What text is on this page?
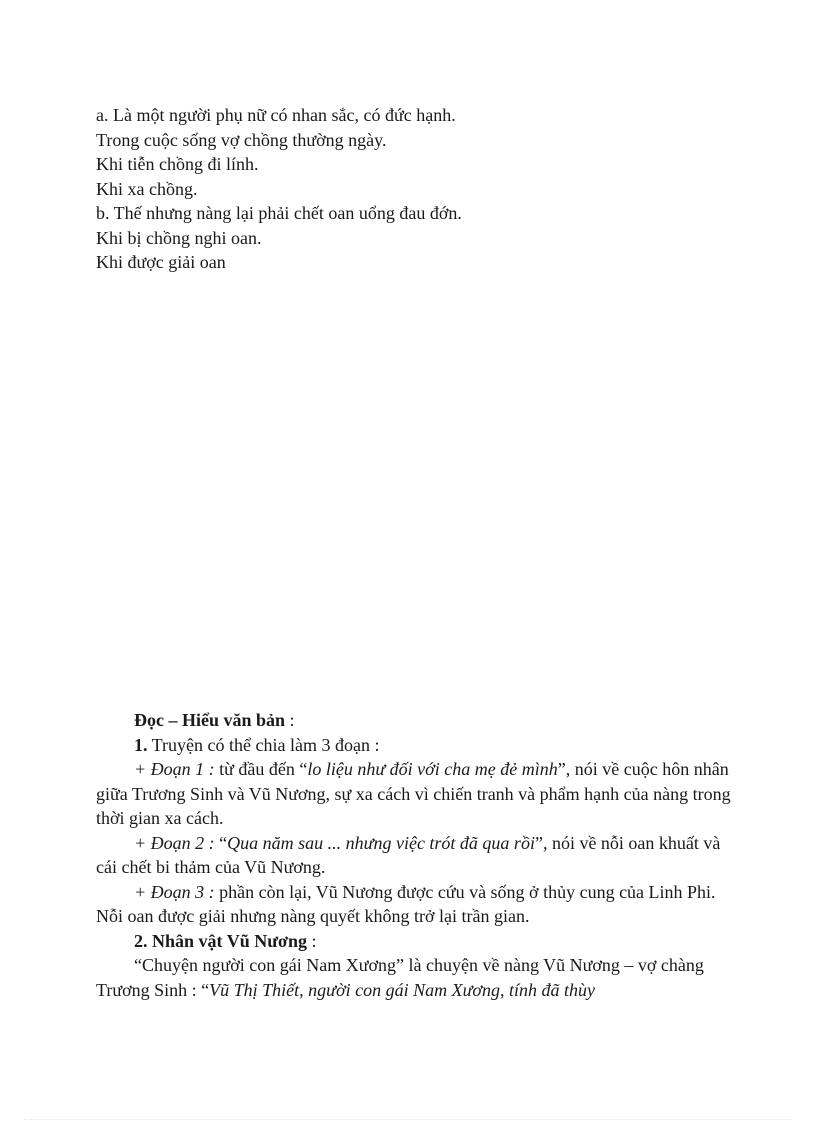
a. Là một người phụ nữ có nhan sắc, có đức hạnh.
Trong cuộc sống vợ chồng thường ngày.
Khi tiễn chồng đi lính.
Khi xa chồng.
b. Thế nhưng nàng lại phải chết oan uổng đau đớn.
Khi bị chồng nghi oan.
Khi được giải oan

Đọc – Hiểu văn bản :

1. Truyện có thể chia làm 3 đoạn :

+ Đoạn 1 : từ đầu đến “lo liệu như đối với cha mẹ đẻ mình”, nói về cuộc hôn nhân giữa Trương Sinh và Vũ Nương, sự xa cách vì chiến tranh và phẩm hạnh của nàng trong thời gian xa cách.

+ Đoạn 2 : “Qua năm sau ... nhưng việc trót đã qua rồi”, nói về nỗi oan khuất và cái chết bi thảm của Vũ Nương.

+ Đoạn 3 : phần còn lại, Vũ Nương được cứu và sống ở thủy cung của Linh Phi. Nỗi oan được giải nhưng nàng quyết không trở lại trần gian.

2. Nhân vật Vũ Nương :

“Chuyện người con gái Nam Xương” là chuyện về nàng Vũ Nương – vợ chàng Trương Sinh : “Vũ Thị Thiết, người con gái Nam Xương, tính đã thùy
